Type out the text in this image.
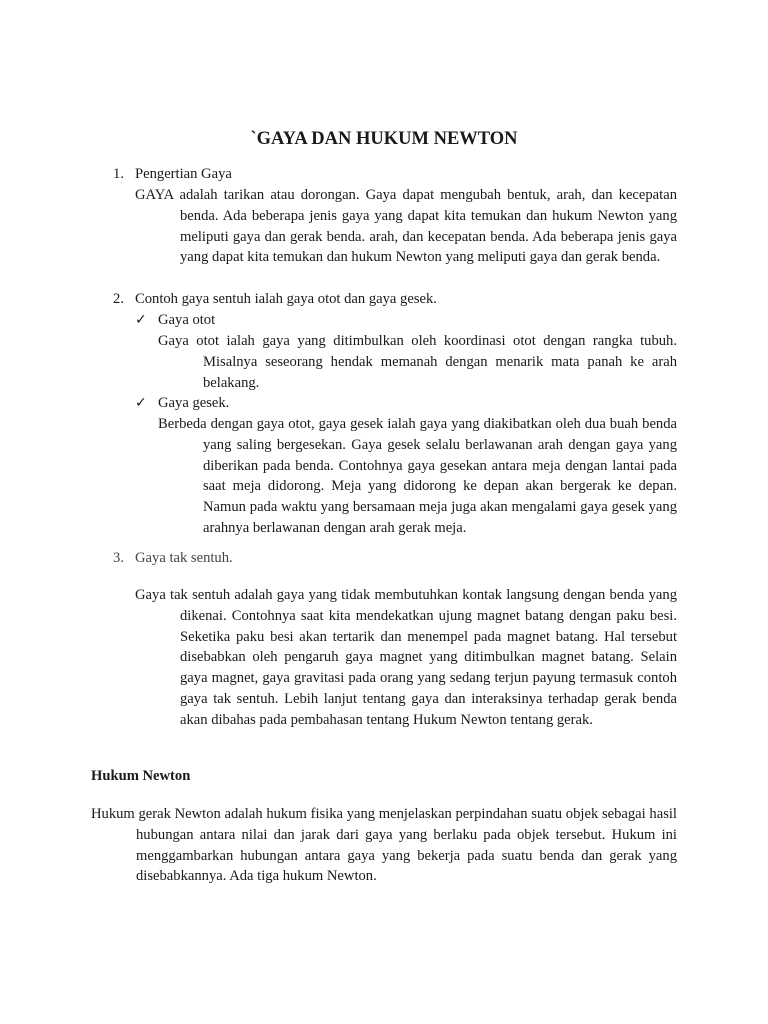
`GAYA DAN HUKUM NEWTON

1. Pengertian Gaya

GAYA adalah tarikan atau dorongan. Gaya dapat mengubah bentuk, arah, dan kecepatan benda. Ada beberapa jenis gaya yang dapat kita temukan dan hukum Newton yang meliputi gaya dan gerak benda. arah, dan kecepatan benda. Ada beberapa jenis gaya yang dapat kita temukan dan hukum Newton yang meliputi gaya dan gerak benda.

2. Contoh gaya sentuh ialah gaya otot dan gaya gesek.

✓ Gaya otot

Gaya otot ialah gaya yang ditimbulkan oleh koordinasi otot dengan rangka tubuh. Misalnya seseorang hendak memanah dengan menarik mata panah ke arah belakang.

✓ Gaya gesek.

Berbeda dengan gaya otot, gaya gesek ialah gaya yang diakibatkan oleh dua buah benda yang saling bergesekan. Gaya gesek selalu berlawanan arah dengan gaya yang diberikan pada benda. Contohnya gaya gesekan antara meja dengan lantai pada saat meja didorong. Meja yang didorong ke depan akan bergerak ke depan. Namun pada waktu yang bersamaan meja juga akan mengalami gaya gesek yang arahnya berlawanan dengan arah gerak meja.

3. Gaya tak sentuh.

Gaya tak sentuh adalah gaya yang tidak membutuhkan kontak langsung dengan benda yang dikenai. Contohnya saat kita mendekatkan ujung magnet batang dengan paku besi. Seketika paku besi akan tertarik dan menempel pada magnet batang. Hal tersebut disebabkan oleh pengaruh gaya magnet yang ditimbulkan magnet batang. Selain gaya magnet, gaya gravitasi pada orang yang sedang terjun payung termasuk contoh gaya tak sentuh. Lebih lanjut tentang gaya dan interaksinya terhadap gerak benda akan dibahas pada pembahasan tentang Hukum Newton tentang gerak.

Hukum Newton

Hukum gerak Newton adalah hukum fisika yang menjelaskan perpindahan suatu objek sebagai hasil hubungan antara nilai dan jarak dari gaya yang berlaku pada objek tersebut. Hukum ini menggambarkan hubungan antara gaya yang bekerja pada suatu benda dan gerak yang disebabkannya. Ada tiga hukum Newton.
